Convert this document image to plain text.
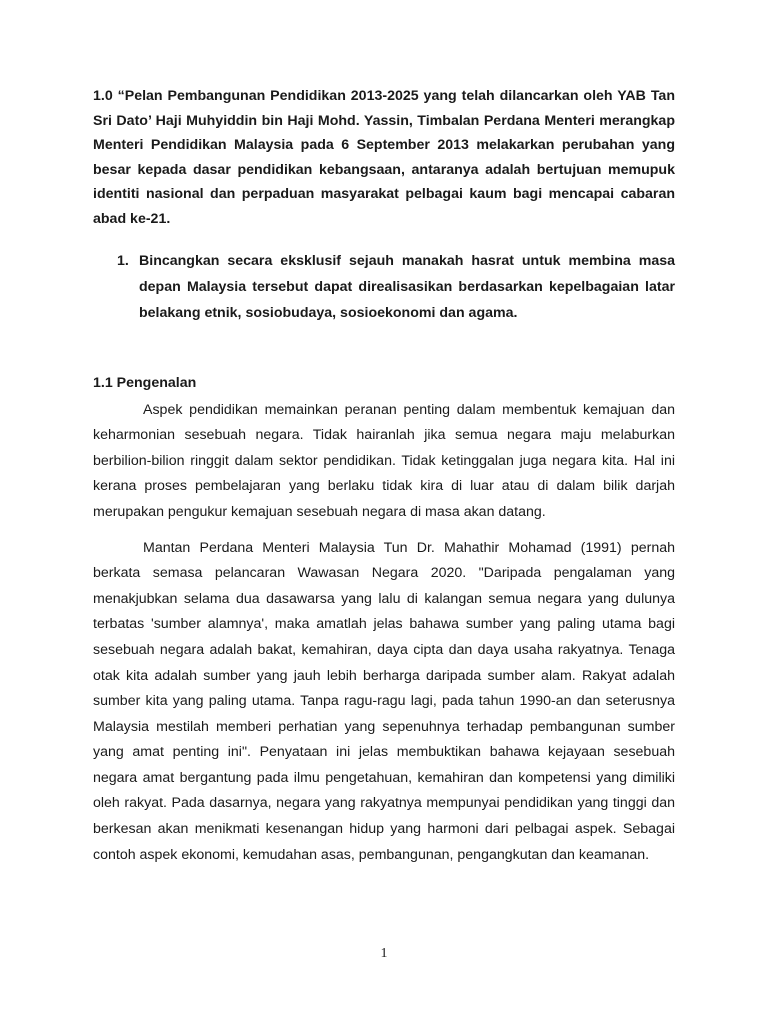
1.0 “Pelan Pembangunan Pendidikan 2013-2025 yang telah dilancarkan oleh YAB Tan Sri Dato’ Haji Muhyiddin bin Haji Mohd. Yassin, Timbalan Perdana Menteri merangkap Menteri Pendidikan Malaysia pada 6 September 2013 melakarkan perubahan yang besar kepada dasar pendidikan kebangsaan, antaranya adalah bertujuan memupuk identiti nasional dan perpaduan masyarakat pelbagai kaum bagi mencapai cabaran abad ke-21.

1. Bincangkan secara eksklusif sejauh manakah hasrat untuk membina masa depan Malaysia tersebut dapat direalisasikan berdasarkan kepelbagaian latar belakang etnik, sosiobudaya, sosioekonomi dan agama.
1.1 Pengenalan

Aspek pendidikan memainkan peranan penting dalam membentuk kemajuan dan keharmonian sesebuah negara. Tidak hairanlah jika semua negara maju melaburkan berbilion-bilion ringgit dalam sektor pendidikan. Tidak ketinggalan juga negara kita. Hal ini kerana proses pembelajaran yang berlaku tidak kira di luar atau di dalam bilik darjah merupakan pengukur kemajuan sesebuah negara di masa akan datang.

Mantan Perdana Menteri Malaysia Tun Dr. Mahathir Mohamad (1991) pernah berkata semasa pelancaran Wawasan Negara 2020. "Daripada pengalaman yang menakjubkan selama dua dasawarsa yang lalu di kalangan semua negara yang dulunya terbatas 'sumber alamnya', maka amatlah jelas bahawa sumber yang paling utama bagi sesebuah negara adalah bakat, kemahiran, daya cipta dan daya usaha rakyatnya. Tenaga otak kita adalah sumber yang jauh lebih berharga daripada sumber alam. Rakyat adalah sumber kita yang paling utama. Tanpa ragu-ragu lagi, pada tahun 1990-an dan seterusnya Malaysia mestilah memberi perhatian yang sepenuhnya terhadap pembangunan sumber yang amat penting ini". Penyataan ini jelas membuktikan bahawa kejayaan sesebuah negara amat bergantung pada ilmu pengetahuan, kemahiran dan kompetensi yang dimiliki oleh rakyat. Pada dasarnya, negara yang rakyatnya mempunyai pendidikan yang tinggi dan berkesan akan menikmati kesenangan hidup yang harmoni dari pelbagai aspek. Sebagai contoh aspek ekonomi, kemudahan asas, pembangunan, pengangkutan dan keamanan.

1
